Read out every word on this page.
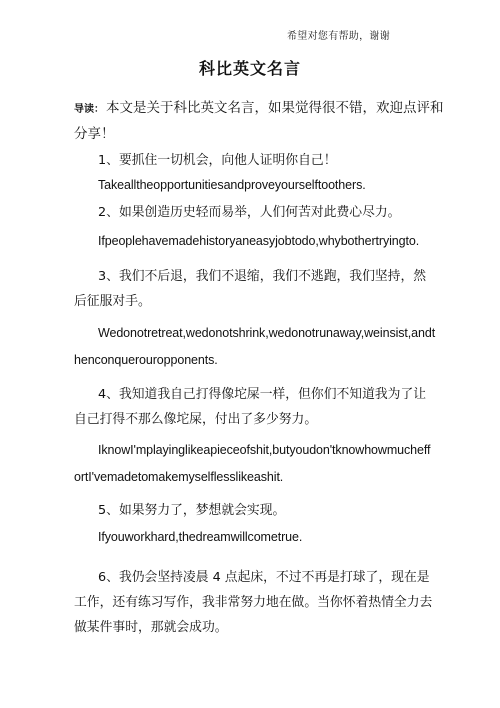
希望对您有帮助，谢谢
科比英文名言
导读： 本文是关于科比英文名言，如果觉得很不错，欢迎点评和分享！
1、要抓住一切机会，向他人证明你自己！
Takealltheopportunitiesandproveyourselftoothers.
2、如果创造历史轻而易举，人们何苦对此费心尽力。
Ifpeoplehavemadehistoryaneasyjobtodo,whybothertryingto.
3、我们不后退，我们不退缩，我们不逃跑，我们坚持，然后征服对手。
Wedonotretreat,wedonotshrink,wedonotrunaway,weinsist,andthenconquerouropponents.
4、我知道我自己打得像坨屎一样，但你们不知道我为了让自己打得不那么像坨屎，付出了多少努力。
IknowI'mplayinglikeapieceofshit,butyoudon'tknowhowmucheffortI'vemadetomakemyselflesslikeashit.
5、如果努力了，梦想就会实现。
Ifyouworkhard,thedreamwillcometrue.
6、我仍会坚持凌晨 4 点起床，不过不再是打球了，现在是工作，还有练习写作，我非常努力地在做。当你怀着热情全力去做某件事时，那就会成功。
